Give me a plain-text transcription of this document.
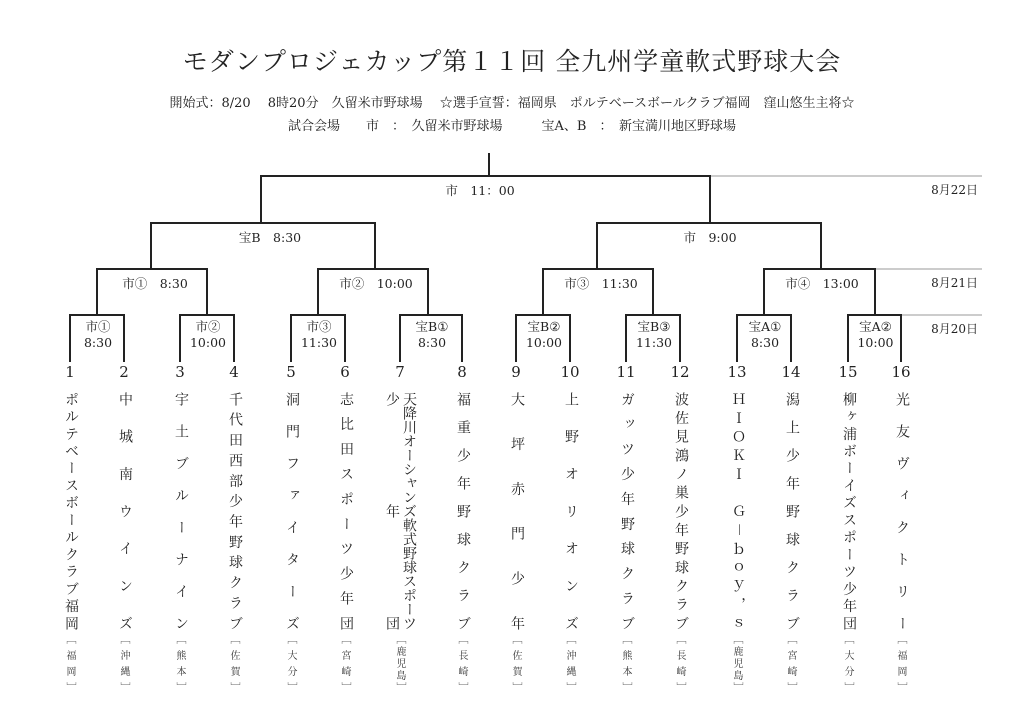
モダンプロジェカップ第１１回 全九州学童軟式野球大会
開始式：8/20　 8時20分　久留米市野球場　 ☆選手宣誓：福岡県　ポルテベースボールクラブ福岡　窪山悠生主将☆
試合会場　　市　：　久留米市野球場　　　宝A、B　：　新宝満川地区野球場
8月22日
8月21日
8月20日
市　11：00
宝B　8:30	市　9:00
市①　8:30	市②　10:00	市③　11:30	市④　13:00
市①
8:30
市②
10:00
市③
11:30
宝B①
8:30
宝B②
10:00
宝B③
11:30
宝A①
8:30
宝A②
10:00
1
ポルテベースボールクラブ福岡
［福岡］
2
中城南ウインズ
［沖縄］
3
宇土ブルーナイン
［熊本］
4
千代田西部少年野球クラブ
［佐賀］
5
洞門ファイターズ
［大分］
6
志比田スポーツ少年団
［宮崎］
7
天降川オーシャンズ軟式野球スポーツ少年団
［鹿児島］
8
福重少年野球クラブ
［長崎］
9
大坪赤門少年
［佐賀］
10
上野オリオンズ
［沖縄］
11
ガッツ少年野球クラブ
［熊本］
12
波佐見鴻ノ巣少年野球クラブ
［長崎］
13
ＨＩＯＫＩ　Ｇ－ｂｏｙ，ｓ
［鹿児島］
14
潟上少年野球クラブ
［宮崎］
15
柳ヶ浦ボーイズスポーツ少年団
［大分］
16
光友ヴィクトリー
［福岡］
